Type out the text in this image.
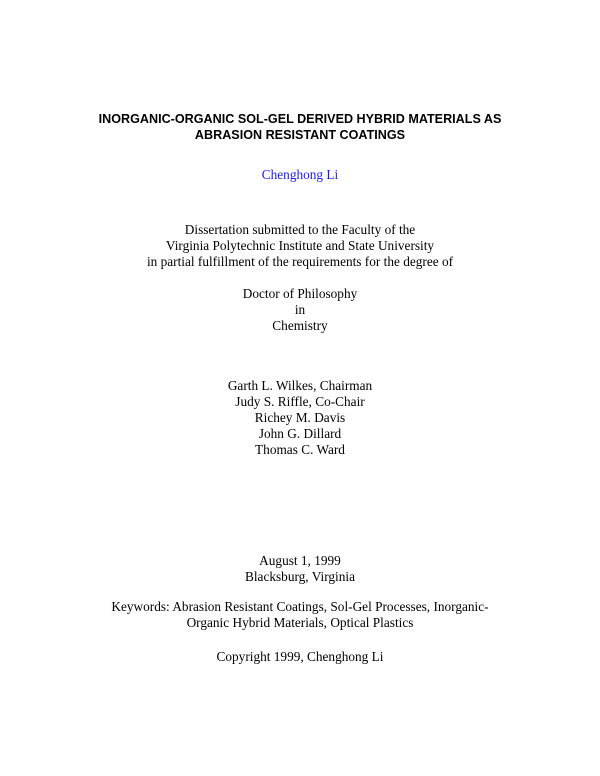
INORGANIC-ORGANIC SOL-GEL DERIVED HYBRID MATERIALS AS
ABRASION RESISTANT COATINGS
Chenghong Li
Dissertation submitted to the Faculty of the
Virginia Polytechnic Institute and State University
in partial fulfillment of the requirements for the degree of
Doctor of Philosophy
in
Chemistry
Garth L. Wilkes, Chairman
Judy S. Riffle, Co-Chair
Richey M. Davis
John G. Dillard
Thomas C. Ward
August 1, 1999
Blacksburg, Virginia
Keywords: Abrasion Resistant Coatings, Sol-Gel Processes, Inorganic-
Organic Hybrid Materials, Optical Plastics
Copyright 1999, Chenghong Li
